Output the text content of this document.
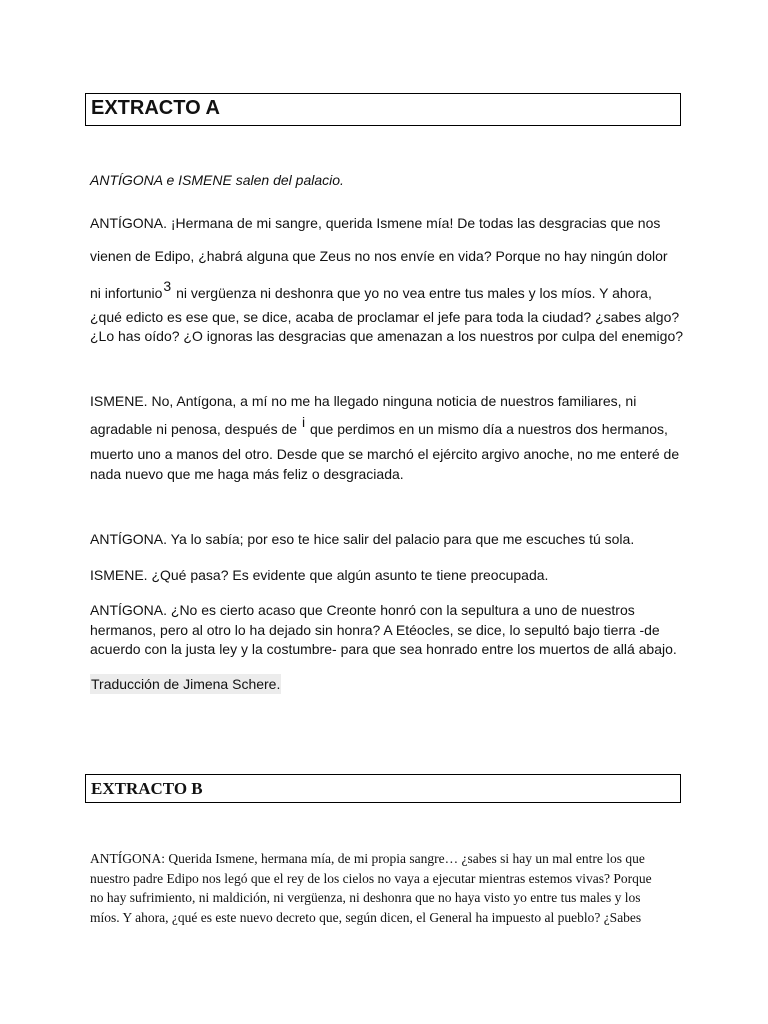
EXTRACTO A

ANTÍGONA e ISMENE salen del palacio.

ANTÍGONA. ¡Hermana de mi sangre, querida Ismene mía! De todas las desgracias que nos
vienen de Edipo, ¿habrá alguna que Zeus no nos envíe en vida? Porque no hay ningún dolor
ni infortunio3 ni vergüenza ni deshonra que yo no vea entre tus males y los míos. Y ahora,
¿qué edicto es ese que, se dice, acaba de proclamar el jefe para toda la ciudad? ¿sabes algo?
¿Lo has oído? ¿O ignoras las desgracias que amenazan a los nuestros por culpa del enemigo?
ISMENE. No, Antígona, a mí no me ha llegado ninguna noticia de nuestros familiares, ni
agradable ni penosa, después de i que perdimos en un mismo día a nuestros dos hermanos,
muerto uno a manos del otro. Desde que se marchó el ejército argivo anoche, no me enteré de
nada nuevo que me haga más feliz o desgraciada.

ANTÍGONA. Ya lo sabía; por eso te hice salir del palacio para que me escuches tú sola.

ISMENE. ¿Qué pasa? Es evidente que algún asunto te tiene preocupada.

ANTÍGONA. ¿No es cierto acaso que Creonte honró con la sepultura a uno de nuestros
hermanos, pero al otro lo ha dejado sin honra? A Etéocles, se dice, lo sepultó bajo tierra -de
acuerdo con la justa ley y la costumbre- para que sea honrado entre los muertos de allá abajo.

Traducción de Jimena Schere.

EXTRACTO B
ANTÍGONA: Querida Ismene, hermana mía, de mi propia sangre… ¿sabes si hay un mal entre los que
nuestro padre Edipo nos legó que el rey de los cielos no vaya a ejecutar mientras estemos vivas? Porque
no hay sufrimiento, ni maldición, ni vergüenza, ni deshonra que no haya visto yo entre tus males y los
míos. Y ahora, ¿qué es este nuevo decreto que, según dicen, el General ha impuesto al pueblo? ¿Sabes
